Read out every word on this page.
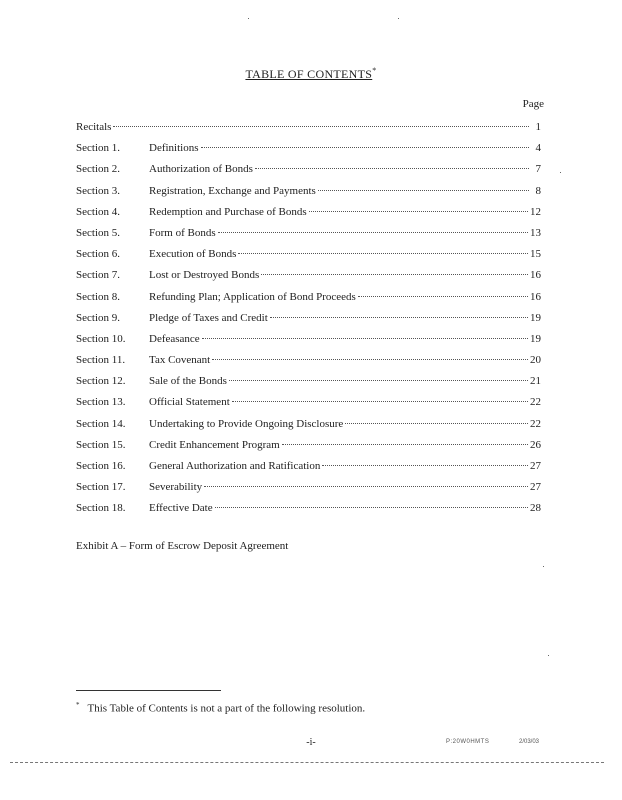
TABLE OF CONTENTS*
Page
Recitals	1
Section 1.	Definitions	4
Section 2.	Authorization of Bonds	7
Section 3.	Registration, Exchange and Payments	8
Section 4.	Redemption and Purchase of Bonds	12
Section 5.	Form of Bonds	13
Section 6.	Execution of Bonds	15
Section 7.	Lost or Destroyed Bonds	16
Section 8.	Refunding Plan; Application of Bond Proceeds	16
Section 9.	Pledge of Taxes and Credit	19
Section 10.	Defeasance	19
Section 11.	Tax Covenant	20
Section 12.	Sale of the Bonds	21
Section 13.	Official Statement	22
Section 14.	Undertaking to Provide Ongoing Disclosure	22
Section 15.	Credit Enhancement Program	26
Section 16.	General Authorization and Ratification	27
Section 17.	Severability	27
Section 18.	Effective Date	28
Exhibit A – Form of Escrow Deposit Agreement
* This Table of Contents is not a part of the following resolution.
-i-	P:20W0HMTS	2/03/03
